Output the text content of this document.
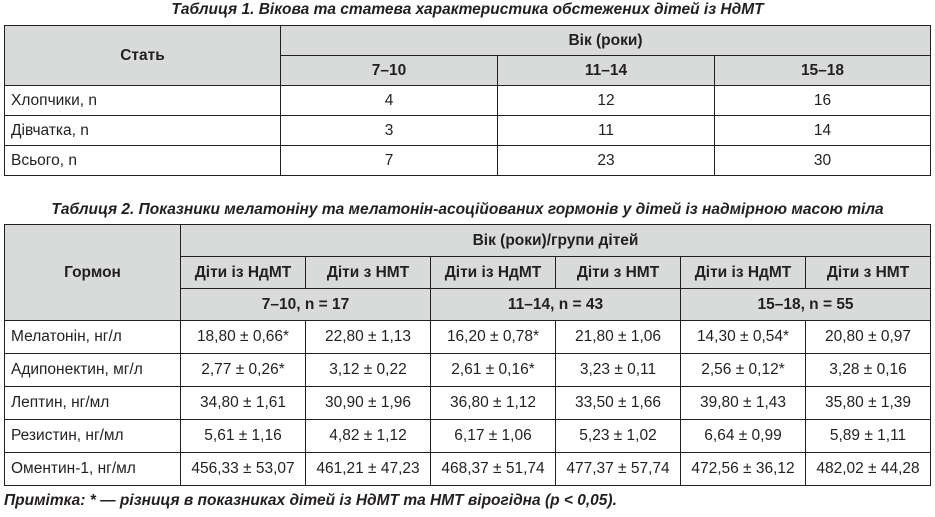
Таблиця 1. Вікова та статева характеристика обстежених дітей із НдМТ
Стать	Вік (роки)		
	7–10	11–14	15–18
Хлопчики, n	4	12	16
Дівчатка, n	3	11	14
Всього, n	7	23	30
Таблиця 2. Показники мелатоніну та мелатонін-асоційованих гормонів у дітей із надмірною масою тіла
Гормон	Вік (роки)/групи дітей					
	Діти із НдМТ	Діти з НМТ	Діти із НдМТ	Діти з НМТ	Діти із НдМТ	Діти з НМТ
	7–10, n = 17		11–14, n = 43		15–18, n = 55	
Мелатонін, нг/л	18,80 ± 0,66*	22,80 ± 1,13	16,20 ± 0,78*	21,80 ± 1,06	14,30 ± 0,54*	20,80 ± 0,97
Адипонектин, мг/л	2,77 ± 0,26*	3,12 ± 0,22	2,61 ± 0,16*	3,23 ± 0,11	2,56 ± 0,12*	3,28 ± 0,16
Лептин, нг/мл	34,80 ± 1,61	30,90 ± 1,96	36,80 ± 1,12	33,50 ± 1,66	39,80 ± 1,43	35,80 ± 1,39
Резистин, нг/мл	5,61 ± 1,16	4,82 ± 1,12	6,17 ± 1,06	5,23 ± 1,02	6,64 ± 0,99	5,89 ± 1,11
Оментин-1, нг/мл	456,33 ± 53,07	461,21 ± 47,23	468,37 ± 51,74	477,37 ± 57,74	472,56 ± 36,12	482,02 ± 44,28
Примітка: * — різниця в показниках дітей із НдМТ та НМТ вірогідна (p < 0,05).
